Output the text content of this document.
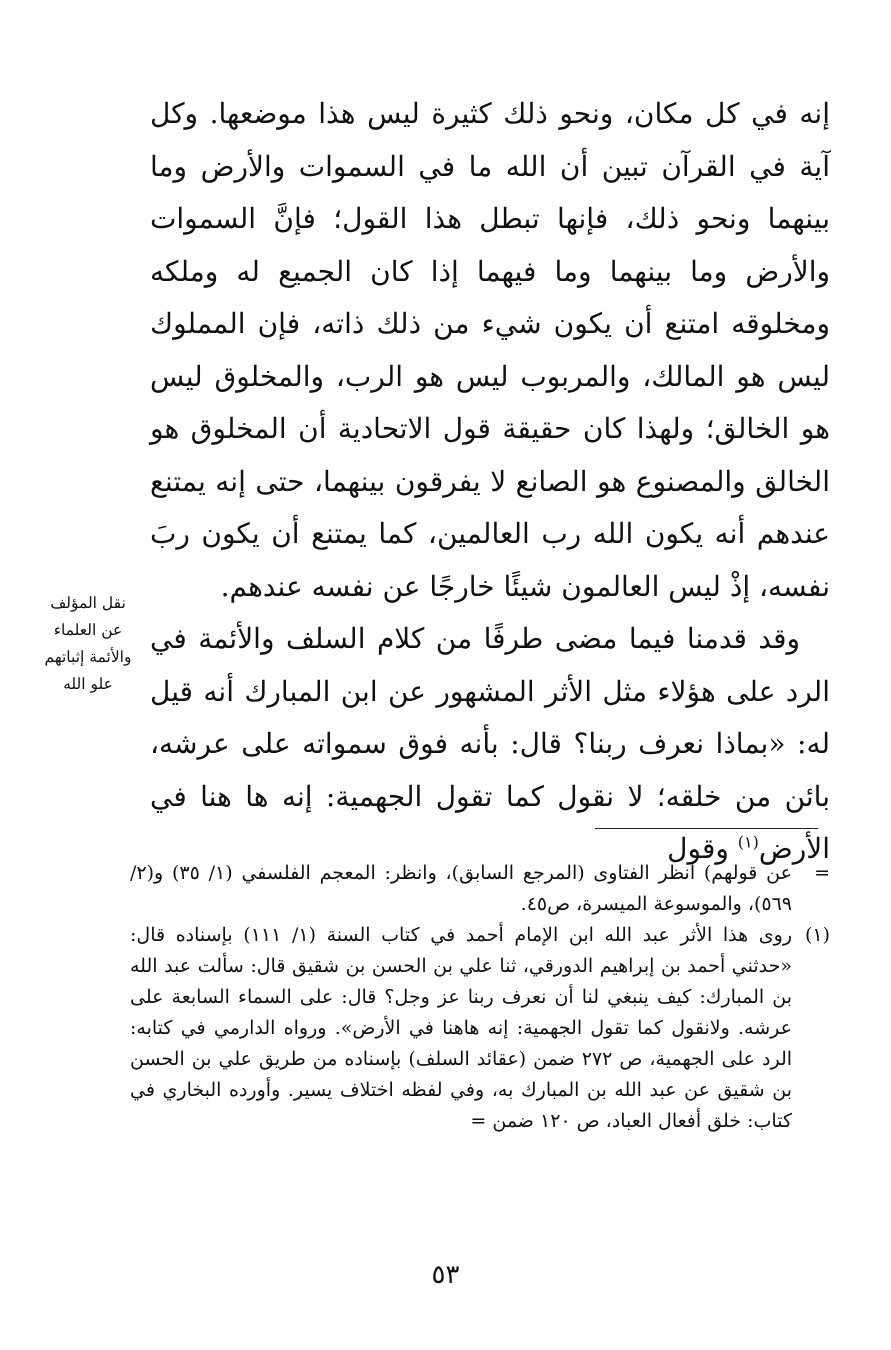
إنه في كل مكان، ونحو ذلك كثيرة ليس هذا موضعها. وكل آية في القرآن تبين أن الله ما في السموات والأرض وما بينهما ونحو ذلك، فإنها تبطل هذا القول؛ فإنَّ السموات والأرض وما بينهما وما فيهما إذا كان الجميع له وملكه ومخلوقه امتنع أن يكون شيء من ذلك ذاته، فإن المملوك ليس هو المالك، والمربوب ليس هو الرب، والمخلوق ليس هو الخالق؛ ولهذا كان حقيقة قول الاتحادية أن المخلوق هو الخالق والمصنوع هو الصانع لا يفرقون بينهما، حتى إنه يمتنع عندهم أنه يكون الله رب العالمين، كما يمتنع أن يكون ربَ نفسه، إذْ ليس العالمون شيئًا خارجًا عن نفسه عندهم.

وقد قدمنا فيما مضى طرفًا من كلام السلف والأئمة في الرد على هؤلاء مثل الأثر المشهور عن ابن المبارك أنه قيل له: «بماذا نعرف ربنا؟ قال: بأنه فوق سمواته على عرشه، بائن من خلقه؛ لا نقول كما تقول الجهمية: إنه ها هنا في الأرض$^{(١)}$ وقول

نقل المؤلف عن العلماء والأئمة إثباتهم علو الله
=
عن قولهم) انظر الفتاوى (المرجع السابق)، وانظر: المعجم الفلسفي (١/ ٣٥) و(٢/ ٥٦٩)، والموسوعة الميسرة، ص٤٥.
(١)
روى هذا الأثر عبد الله ابن الإمام أحمد في كتاب السنة (١/ ١١١) بإسناده قال: «حدثني أحمد بن إبراهيم الدورقي، ثنا علي بن الحسن بن شقيق قال: سألت عبد الله بن المبارك: كيف ينبغي لنا أن نعرف ربنا عز وجل؟ قال: على السماء السابعة على عرشه. ولانقول كما تقول الجهمية: إنه هاهنا في الأرض». ورواه الدارمي في كتابه: الرد على الجهمية، ص ٢٧٢ ضمن (عقائد السلف) بإسناده من طريق علي بن الحسن بن شقيق عن عبد الله بن المبارك به، وفي لفظه اختلاف يسير. وأورده البخاري في كتاب: خلق أفعال العباد، ص ١٢٠ ضمن =
٥٣
